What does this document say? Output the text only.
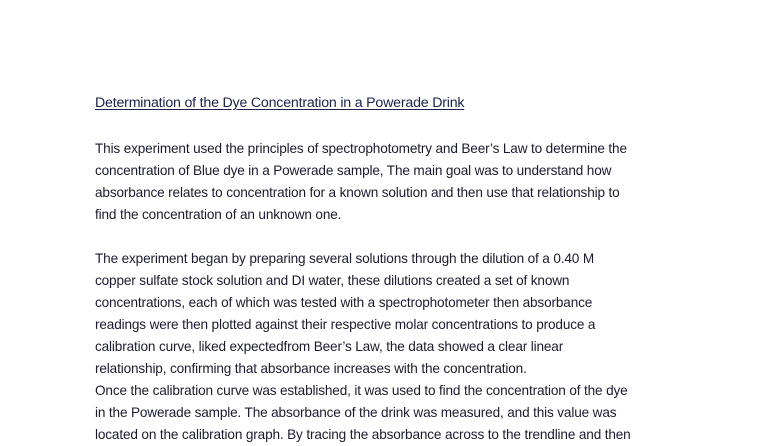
Determination of the Dye Concentration in a Powerade Drink
This experiment used the principles of spectrophotometry and Beer’s Law to determine the
concentration of Blue dye in a Powerade sample, The main goal was to understand how
absorbance relates to concentration for a known solution and then use that relationship to
find the concentration of an unknown one.
The experiment began by preparing several solutions through the dilution of a 0.40 M
copper sulfate stock solution and DI water, these dilutions created a set of known
concentrations, each of which was tested with a spectrophotometer then absorbance
readings were then plotted against their respective molar concentrations to produce a
calibration curve, liked expectedfrom Beer’s Law, the data showed a clear linear
relationship, confirming that absorbance increases with the concentration.
Once the calibration curve was established, it was used to find the concentration of the dye
in the Powerade sample. The absorbance of the drink was measured, and this value was
located on the calibration graph. By tracing the absorbance across to the trendline and then
